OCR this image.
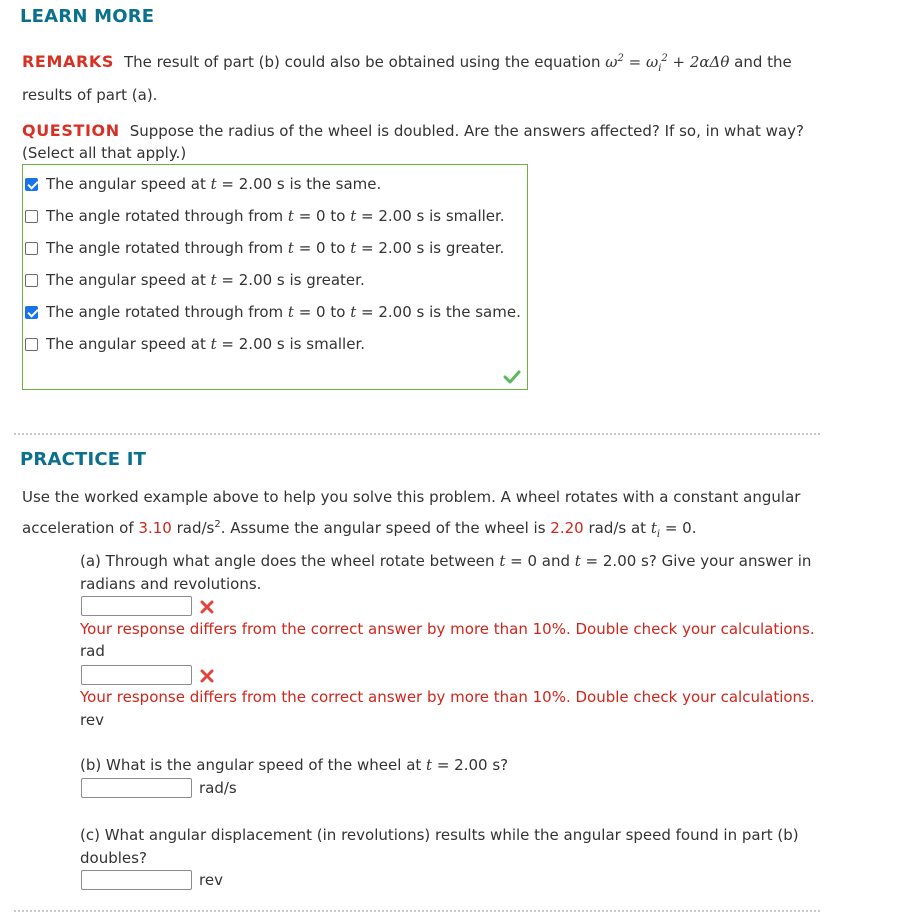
LEARN MORE
REMARKS The result of part (b) could also be obtained using the equation $\omega^2 = \omega_i^2 + 2\alpha\Delta\theta$ and the
results of part (a).
QUESTION Suppose the radius of the wheel is doubled. Are the answers affected? If so, in what way?
(Select all that apply.)
The angular speed at t = 2.00 s is the same.
The angle rotated through from t = 0 to t = 2.00 s is smaller.
The angle rotated through from t = 0 to t = 2.00 s is greater.
The angular speed at t = 2.00 s is greater.
The angle rotated through from t = 0 to t = 2.00 s is the same.
The angular speed at t = 2.00 s is smaller.
PRACTICE IT
Use the worked example above to help you solve this problem. A wheel rotates with a constant angular
acceleration of 3.10 rad/$s^2$. Assume the angular speed of the wheel is 2.20 rad/s at $t_i = 0$.
(a) Through what angle does the wheel rotate between t = 0 and t = 2.00 s? Give your answer in
radians and revolutions.
Your response differs from the correct answer by more than 10%. Double check your calculations.
rad
Your response differs from the correct answer by more than 10%. Double check your calculations.
rev
(b) What is the angular speed of the wheel at t = 2.00 s?
rad/s
(c) What angular displacement (in revolutions) results while the angular speed found in part (b)
doubles?
rev
